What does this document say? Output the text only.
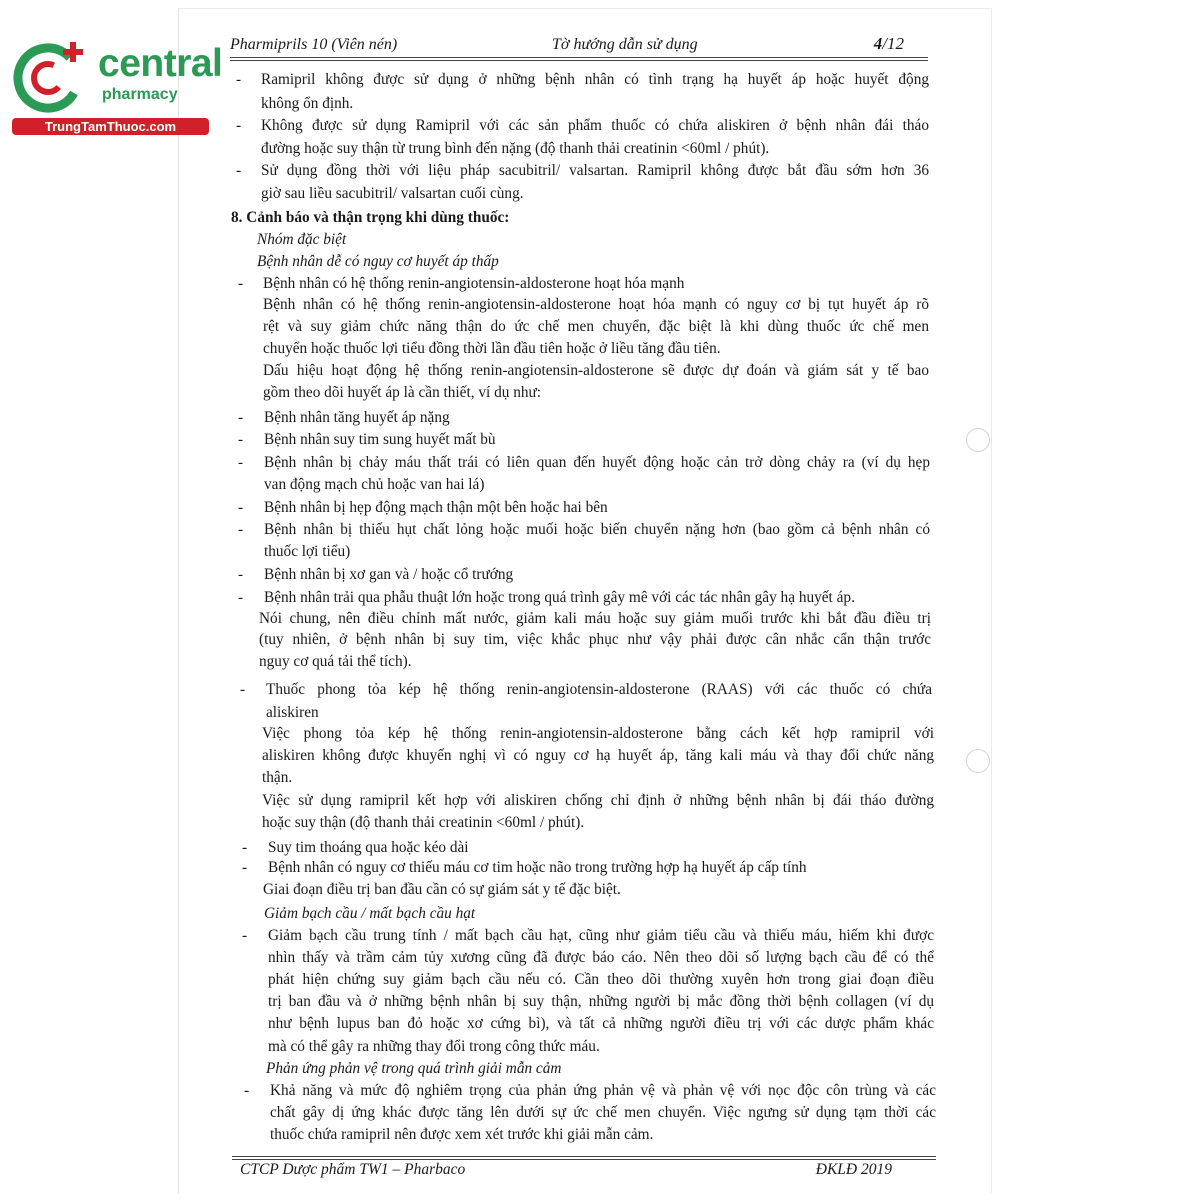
central
pharmacy
TrungTamThuoc.com
Pharmiprils 10 (Viên nén)	Tờ hướng dẫn sử dụng	4/12
- Ramipril không được sử dụng ở những bệnh nhân có tình trạng hạ huyết áp hoặc huyết động
không ổn định.
- Không được sử dụng Ramipril với các sản phẩm thuốc có chứa aliskiren ở bệnh nhân đái tháo
đường hoặc suy thận từ trung bình đến nặng (độ thanh thải creatinin <60ml / phút).
- Sử dụng đồng thời với liệu pháp sacubitril/ valsartan. Ramipril không được bắt đầu sớm hơn 36
giờ sau liều sacubitril/ valsartan cuối cùng.
8. Cảnh báo và thận trọng khi dùng thuốc:
Nhóm đặc biệt
Bệnh nhân dễ có nguy cơ huyết áp thấp
- Bệnh nhân có hệ thống renin-angiotensin-aldosterone hoạt hóa mạnh
Bệnh nhân có hệ thống renin-angiotensin-aldosterone hoạt hóa mạnh có nguy cơ bị tụt huyết áp rõ
rệt và suy giảm chức năng thận do ức chế men chuyển, đặc biệt là khi dùng thuốc ức chế men
chuyển hoặc thuốc lợi tiểu đồng thời lần đầu tiên hoặc ở liều tăng đầu tiên.
Dấu hiệu hoạt động hệ thống renin-angiotensin-aldosterone sẽ được dự đoán và giám sát y tế bao
gồm theo dõi huyết áp là cần thiết, ví dụ như:
- Bệnh nhân tăng huyết áp nặng
- Bệnh nhân suy tim sung huyết mất bù
- Bệnh nhân bị chảy máu thất trái có liên quan đến huyết động hoặc cản trở dòng chảy ra (ví dụ hẹp
van động mạch chủ hoặc van hai lá)
- Bệnh nhân bị hẹp động mạch thận một bên hoặc hai bên
- Bệnh nhân bị thiếu hụt chất lỏng hoặc muối hoặc biến chuyển nặng hơn (bao gồm cả bệnh nhân có
thuốc lợi tiểu)
- Bệnh nhân bị xơ gan và / hoặc cổ trướng
- Bệnh nhân trải qua phẫu thuật lớn hoặc trong quá trình gây mê với các tác nhân gây hạ huyết áp.
Nói chung, nên điều chỉnh mất nước, giảm kali máu hoặc suy giảm muối trước khi bắt đầu điều trị
(tuy nhiên, ở bệnh nhân bị suy tim, việc khắc phục như vậy phải được cân nhắc cẩn thận trước
nguy cơ quá tải thể tích).
- Thuốc phong tỏa kép hệ thống renin-angiotensin-aldosterone (RAAS) với các thuốc có chứa
aliskiren
Việc phong tỏa kép hệ thống renin-angiotensin-aldosterone bằng cách kết hợp ramipril với
aliskiren không được khuyến nghị vì có nguy cơ hạ huyết áp, tăng kali máu và thay đổi chức năng
thận.
Việc sử dụng ramipril kết hợp với aliskiren chống chỉ định ở những bệnh nhân bị đái tháo đường
hoặc suy thận (độ thanh thải creatinin <60ml / phút).
- Suy tim thoáng qua hoặc kéo dài
- Bệnh nhân có nguy cơ thiếu máu cơ tim hoặc não trong trường hợp hạ huyết áp cấp tính
Giai đoạn điều trị ban đầu cần có sự giám sát y tế đặc biệt.
Giảm bạch cầu / mất bạch cầu hạt
- Giảm bạch cầu trung tính / mất bạch cầu hạt, cũng như giảm tiểu cầu và thiếu máu, hiếm khi được
nhìn thấy và trầm cảm tủy xương cũng đã được báo cáo. Nên theo dõi số lượng bạch cầu để có thể
phát hiện chứng suy giảm bạch cầu nếu có. Cần theo dõi thường xuyên hơn trong giai đoạn điều
trị ban đầu và ở những bệnh nhân bị suy thận, những người bị mắc đồng thời bệnh collagen (ví dụ
như bệnh lupus ban đỏ hoặc xơ cứng bì), và tất cả những người điều trị với các dược phẩm khác
mà có thể gây ra những thay đổi trong công thức máu.
Phản ứng phản vệ trong quá trình giải mẫn cảm
- Khả năng và mức độ nghiêm trọng của phản ứng phản vệ và phản vệ với nọc độc côn trùng và các
chất gây dị ứng khác được tăng lên dưới sự ức chế men chuyển. Việc ngưng sử dụng tạm thời các
thuốc chứa ramipril nên được xem xét trước khi giải mẫn cảm.
CTCP Dược phẩm TW1 – Pharbaco	ĐKLĐ 2019
